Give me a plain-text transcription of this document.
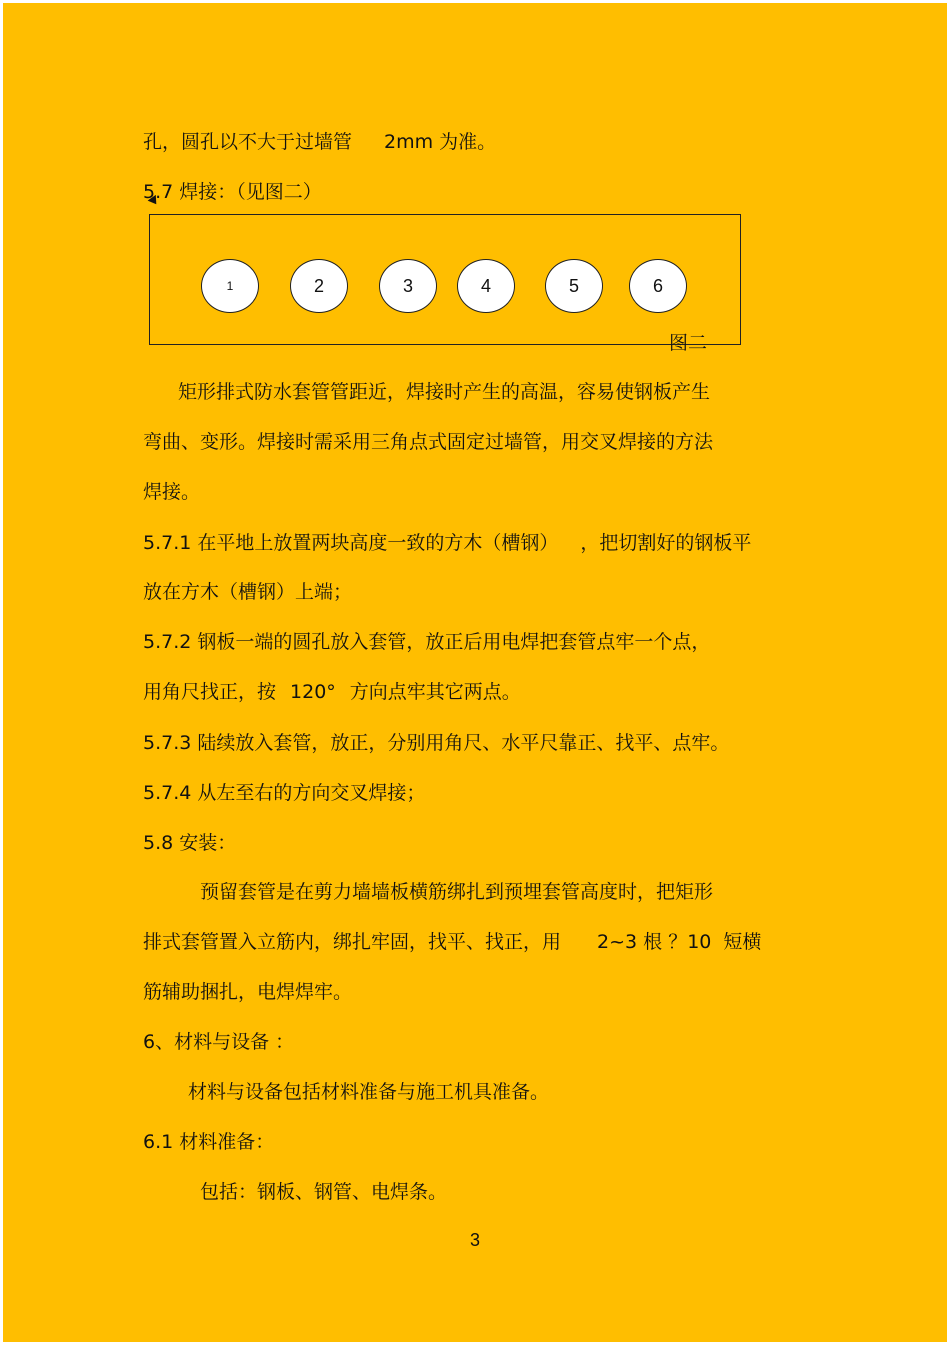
孔，圆孔以不大于过墙管 2mm 为准。
5.7 焊接：（见图二）
1	2	3	4	5	6
图二
矩形排式防水套管管距近，焊接时产生的高温，容易使钢板产生
弯曲、变形。焊接时需采用三角点式固定过墙管，用交叉焊接的方法
焊接。
5.7.1 在平地上放置两块高度一致的方木（槽钢） ，把切割好的钢板平
放在方木（槽钢）上端；
5.7.2 钢板一端的圆孔放入套管，放正后用电焊把套管点牢一个点，
用角尺找正，按 120° 方向点牢其它两点。
5.7.3 陆续放入套管，放正，分别用角尺、水平尺靠正、找平、点牢。
5.7.4 从左至右的方向交叉焊接；
5.8 安装：
预留套管是在剪力墙墙板横筋绑扎到预埋套管高度时，把矩形
排式套管置入立筋内，绑扎牢固，找平、找正，用 2~3 根 ？10 短横
筋辅助捆扎，电焊焊牢。
6、材料与设备 ：
材料与设备包括材料准备与施工机具准备。
6.1 材料准备：
包括：钢板、钢管、电焊条。
3
